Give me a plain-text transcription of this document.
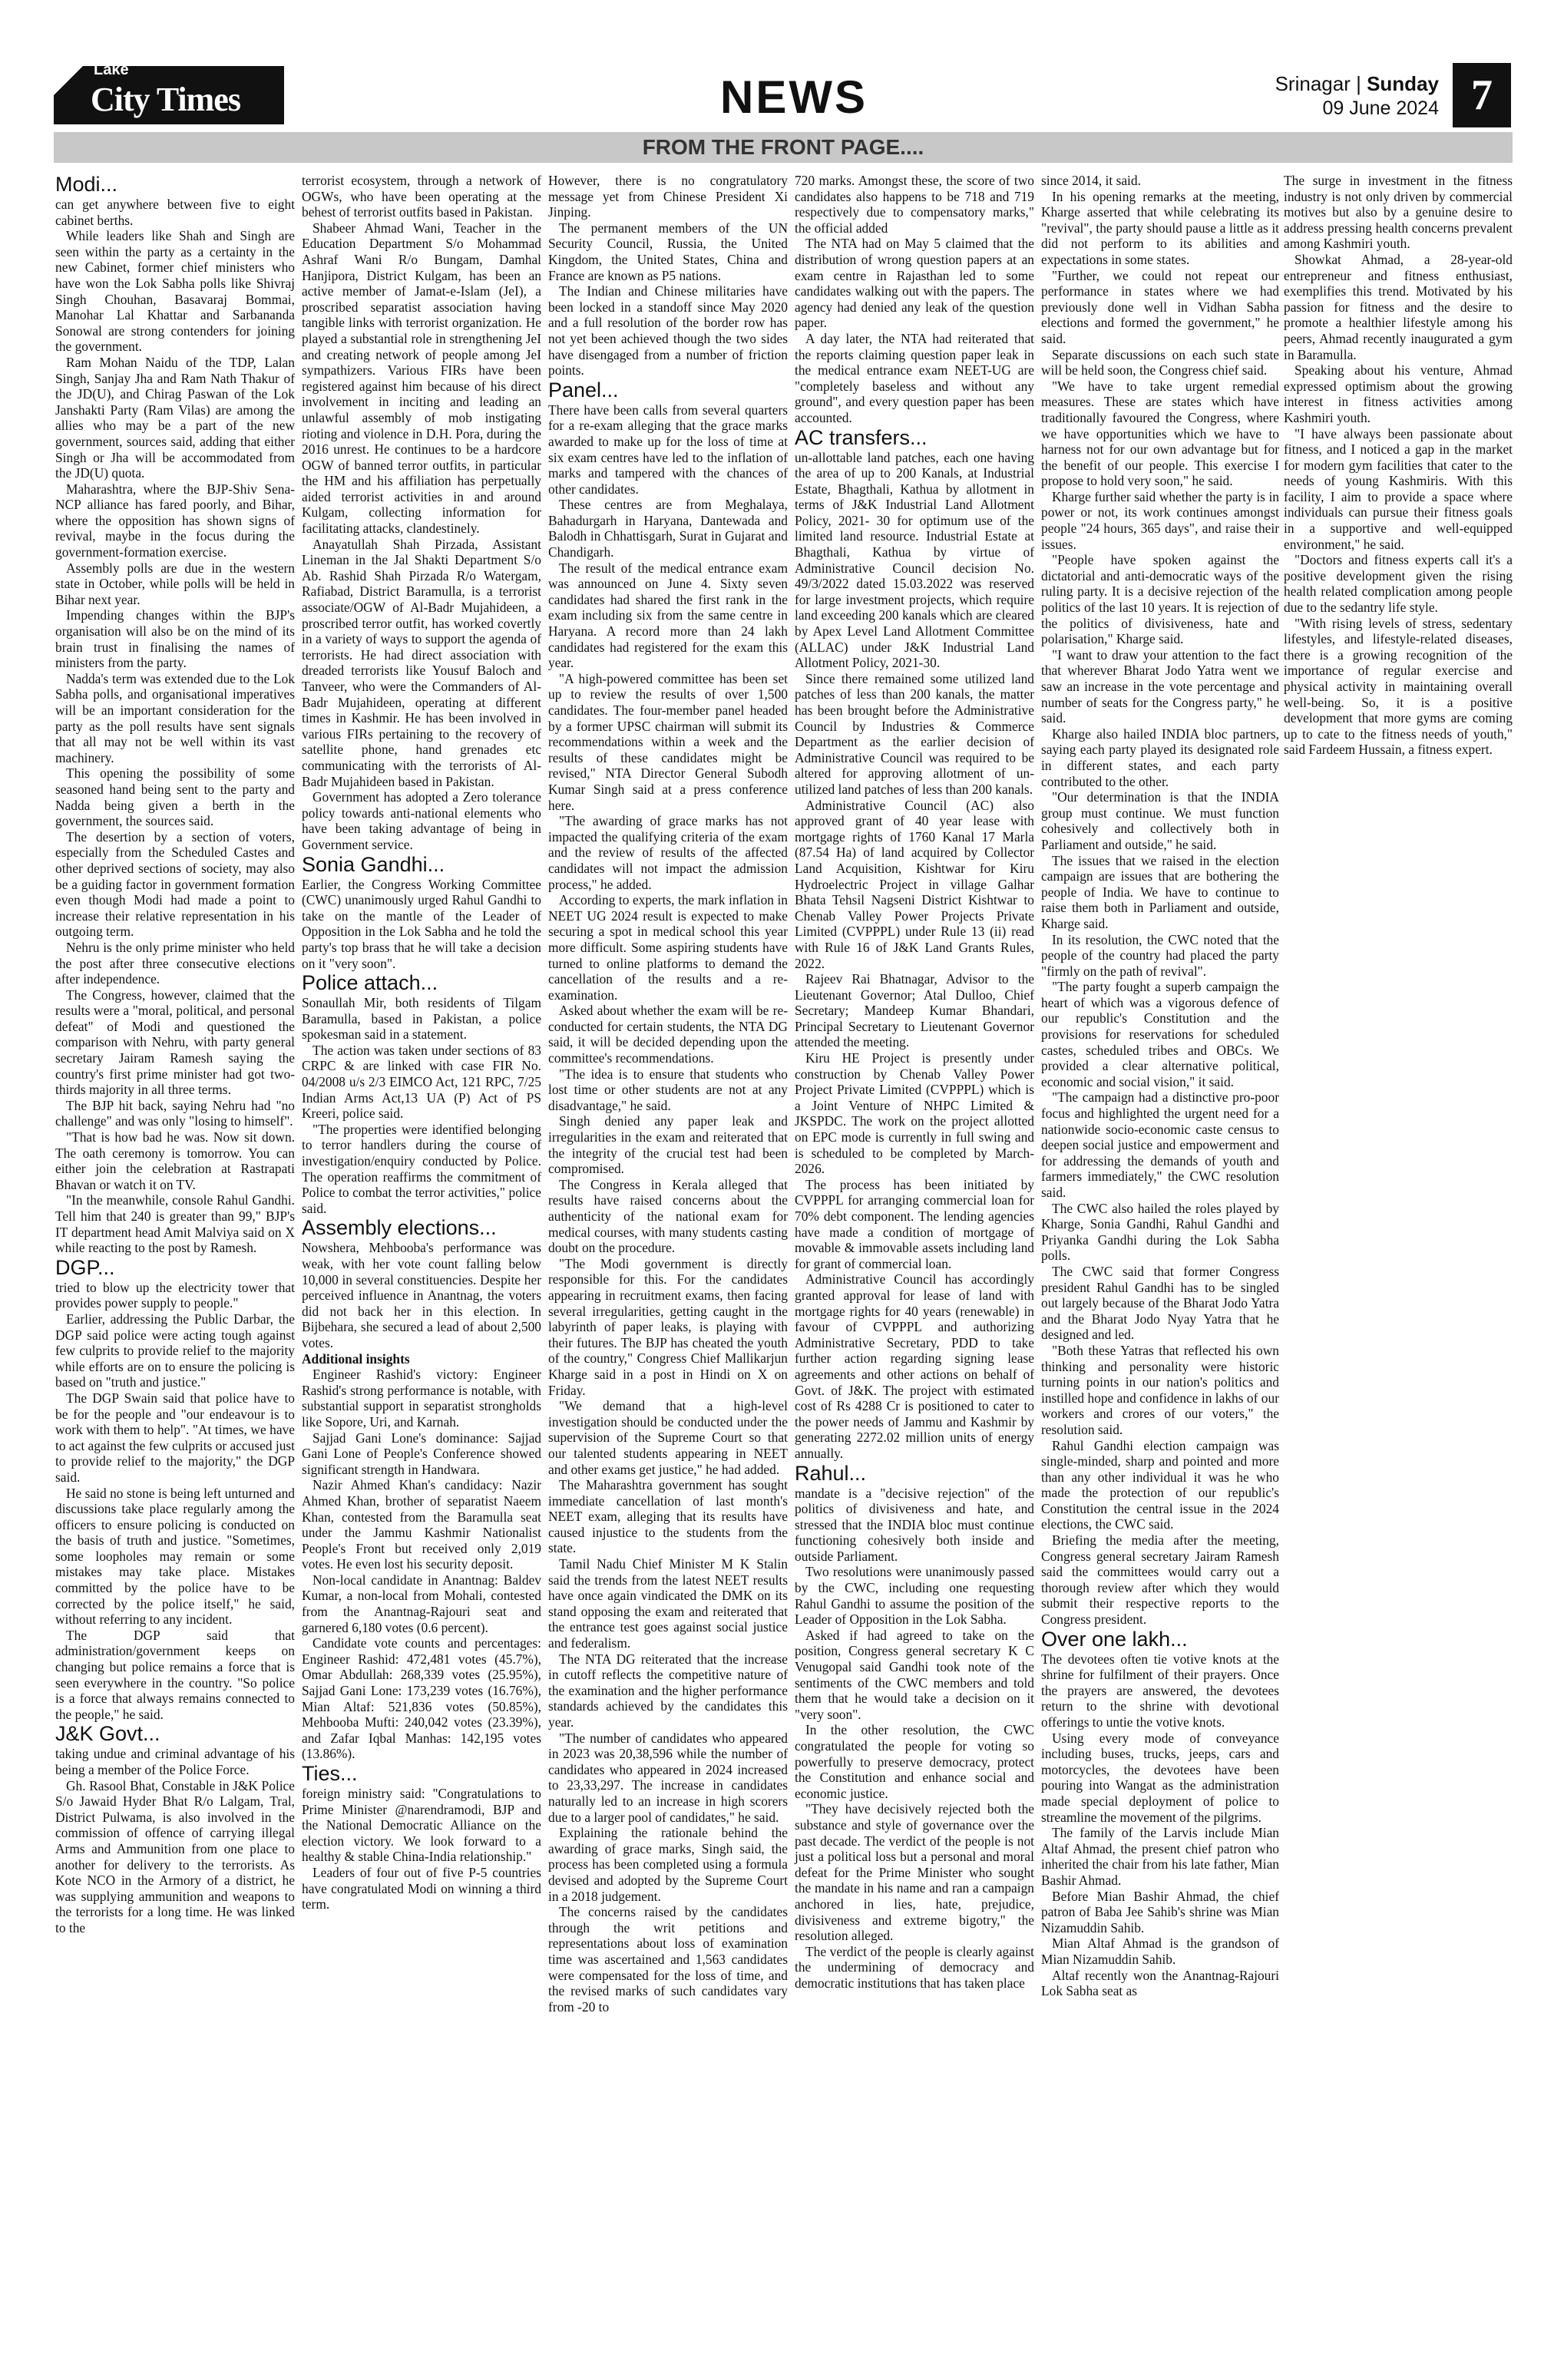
Lake
City Times	NEWS	Srinagar | Sunday
09 June 2024 7
FROM THE FRONT PAGE....

Modi...

can get anywhere between five to eight cabinet berths.

While leaders like Shah and Singh are seen within the party as a certainty in the new Cabinet, former chief ministers who have won the Lok Sabha polls like Shivraj Singh Chouhan, Basavaraj Bommai, Manohar Lal Khattar and Sarbananda Sonowal are strong contenders for joining the government.

Ram Mohan Naidu of the TDP, Lalan Singh, Sanjay Jha and Ram Nath Thakur of the JD(U), and Chirag Paswan of the Lok Janshakti Party (Ram Vilas) are among the allies who may be a part of the new government, sources said, adding that either Singh or Jha will be accommodated from the JD(U) quota.

Maharashtra, where the BJP-Shiv Sena-NCP alliance has fared poorly, and Bihar, where the opposition has shown signs of revival, maybe in the focus during the government-formation exercise.

Assembly polls are due in the western state in October, while polls will be held in Bihar next year.

Impending changes within the BJP's organisation will also be on the mind of its brain trust in finalising the names of ministers from the party.

Nadda's term was extended due to the Lok Sabha polls, and organisational imperatives will be an important consideration for the party as the poll results have sent signals that all may not be well within its vast machinery.

This opening the possibility of some seasoned hand being sent to the party and Nadda being given a berth in the government, the sources said.

The desertion by a section of voters, especially from the Scheduled Castes and other deprived sections of society, may also be a guiding factor in government formation even though Modi had made a point to increase their relative representation in his outgoing term.

Nehru is the only prime minister who held the post after three consecutive elections after independence.

The Congress, however, claimed that the results were a "moral, political, and personal defeat" of Modi and questioned the comparison with Nehru, with party general secretary Jairam Ramesh saying the country's first prime minister had got two-thirds majority in all three terms.

The BJP hit back, saying Nehru had "no challenge" and was only "losing to himself".

"That is how bad he was. Now sit down. The oath ceremony is tomorrow. You can either join the celebration at Rastrapati Bhavan or watch it on TV.

"In the meanwhile, console Rahul Gandhi. Tell him that 240 is greater than 99," BJP's IT department head Amit Malviya said on X while reacting to the post by Ramesh.

DGP...

tried to blow up the electricity tower that provides power supply to people."

Earlier, addressing the Public Darbar, the DGP said police were acting tough against few culprits to provide relief to the majority while efforts are on to ensure the policing is based on "truth and justice."

The DGP Swain said that police have to be for the people and "our endeavour is to work with them to help". "At times, we have to act against the few culprits or accused just to provide relief to the majority," the DGP said.

He said no stone is being left unturned and discussions take place regularly among the officers to ensure policing is conducted on the basis of truth and justice. "Sometimes, some loopholes may remain or some mistakes may take place. Mistakes committed by the police have to be corrected by the police itself," he said, without referring to any incident.

The DGP said that administration/government keeps on changing but police remains a force that is seen everywhere in the country. "So police is a force that always remains connected to the people," he said.

J&K Govt...

taking undue and criminal advantage of his being a member of the Police Force.

Gh. Rasool Bhat, Constable in J&K Police S/o Jawaid Hyder Bhat R/o Lalgam, Tral, District Pulwama, is also involved in the commission of offence of carrying illegal Arms and Ammunition from one place to another for delivery to the terrorists. As Kote NCO in the Armory of a district, he was supplying ammunition and weapons to the terrorists for a long time. He was linked to the

terrorist ecosystem, through a network of OGWs, who have been operating at the behest of terrorist outfits based in Pakistan.

Shabeer Ahmad Wani, Teacher in the Education Department S/o Mohammad Ashraf Wani R/o Bungam, Damhal Hanjipora, District Kulgam, has been an active member of Jamat-e-Islam (JeI), a proscribed separatist association having tangible links with terrorist organization. He played a substantial role in strengthening JeI and creating network of people among JeI sympathizers. Various FIRs have been registered against him because of his direct involvement in inciting and leading an unlawful assembly of mob instigating rioting and violence in D.H. Pora, during the 2016 unrest. He continues to be a hardcore OGW of banned terror outfits, in particular the HM and his affiliation has perpetually aided terrorist activities in and around Kulgam, collecting information for facilitating attacks, clandestinely.

Anayatullah Shah Pirzada, Assistant Lineman in the Jal Shakti Department S/o Ab. Rashid Shah Pirzada R/o Watergam, Rafiabad, District Baramulla, is a terrorist associate/OGW of Al-Badr Mujahideen, a proscribed terror outfit, has worked covertly in a variety of ways to support the agenda of terrorists. He had direct association with dreaded terrorists like Yousuf Baloch and Tanveer, who were the Commanders of Al-Badr Mujahideen, operating at different times in Kashmir. He has been involved in various FIRs pertaining to the recovery of satellite phone, hand grenades etc communicating with the terrorists of Al-Badr Mujahideen based in Pakistan.

Government has adopted a Zero tolerance policy towards anti-national elements who have been taking advantage of being in Government service.

Sonia Gandhi...

Earlier, the Congress Working Committee (CWC) unanimously urged Rahul Gandhi to take on the mantle of the Leader of Opposition in the Lok Sabha and he told the party's top brass that he will take a decision on it "very soon".

Police attach...

Sonaullah Mir, both residents of Tilgam Baramulla, based in Pakistan, a police spokesman said in a statement.

The action was taken under sections of 83 CRPC & are linked with case FIR No. 04/2008 u/s 2/3 EIMCO Act, 121 RPC, 7/25 Indian Arms Act,13 UA (P) Act of PS Kreeri, police said.

"The properties were identified belonging to terror handlers during the course of investigation/enquiry conducted by Police. The operation reaffirms the commitment of Police to combat the terror activities," police said.

Assembly elections...

Nowshera, Mehbooba's performance was weak, with her vote count falling below 10,000 in several constituencies. Despite her perceived influence in Anantnag, the voters did not back her in this election. In Bijbehara, she secured a lead of about 2,500 votes.

Additional insights

Engineer Rashid's victory: Engineer Rashid's strong performance is notable, with substantial support in separatist strongholds like Sopore, Uri, and Karnah.

Sajjad Gani Lone's dominance: Sajjad Gani Lone of People's Conference showed significant strength in Handwara.

Nazir Ahmed Khan's candidacy: Nazir Ahmed Khan, brother of separatist Naeem Khan, contested from the Baramulla seat under the Jammu Kashmir Nationalist People's Front but received only 2,019 votes. He even lost his security deposit.

Non-local candidate in Anantnag: Baldev Kumar, a non-local from Mohali, contested from the Anantnag-Rajouri seat and garnered 6,180 votes (0.6 percent).

Candidate vote counts and percentages: Engineer Rashid: 472,481 votes (45.7%), Omar Abdullah: 268,339 votes (25.95%), Sajjad Gani Lone: 173,239 votes (16.76%), Mian Altaf: 521,836 votes (50.85%), Mehbooba Mufti: 240,042 votes (23.39%), and Zafar Iqbal Manhas: 142,195 votes (13.86%).

Ties...

foreign ministry said: "Congratulations to Prime Minister @narendramodi, BJP and the National Democratic Alliance on the election victory. We look forward to a healthy & stable China-India relationship."

Leaders of four out of five P-5 countries have congratulated Modi on winning a third term.

However, there is no congratulatory message yet from Chinese President Xi Jinping.

The permanent members of the UN Security Council, Russia, the United Kingdom, the United States, China and France are known as P5 nations.

The Indian and Chinese militaries have been locked in a standoff since May 2020 and a full resolution of the border row has not yet been achieved though the two sides have disengaged from a number of friction points.

Panel...

There have been calls from several quarters for a re-exam alleging that the grace marks awarded to make up for the loss of time at six exam centres have led to the inflation of marks and tampered with the chances of other candidates.

These centres are from Meghalaya, Bahadurgarh in Haryana, Dantewada and Balodh in Chhattisgarh, Surat in Gujarat and Chandigarh.

The result of the medical entrance exam was announced on June 4. Sixty seven candidates had shared the first rank in the exam including six from the same centre in Haryana. A record more than 24 lakh candidates had registered for the exam this year.

"A high-powered committee has been set up to review the results of over 1,500 candidates. The four-member panel headed by a former UPSC chairman will submit its recommendations within a week and the results of these candidates might be revised," NTA Director General Subodh Kumar Singh said at a press conference here.

"The awarding of grace marks has not impacted the qualifying criteria of the exam and the review of results of the affected candidates will not impact the admission process," he added.

According to experts, the mark inflation in NEET UG 2024 result is expected to make securing a spot in medical school this year more difficult. Some aspiring students have turned to online platforms to demand the cancellation of the results and a re-examination.

Asked about whether the exam will be re-conducted for certain students, the NTA DG said, it will be decided depending upon the committee's recommendations.

"The idea is to ensure that students who lost time or other students are not at any disadvantage," he said.

Singh denied any paper leak and irregularities in the exam and reiterated that the integrity of the crucial test had been compromised.

The Congress in Kerala alleged that results have raised concerns about the authenticity of the national exam for medical courses, with many students casting doubt on the procedure.

"The Modi government is directly responsible for this. For the candidates appearing in recruitment exams, then facing several irregularities, getting caught in the labyrinth of paper leaks, is playing with their futures. The BJP has cheated the youth of the country," Congress Chief Mallikarjun Kharge said in a post in Hindi on X on Friday.

"We demand that a high-level investigation should be conducted under the supervision of the Supreme Court so that our talented students appearing in NEET and other exams get justice," he had added.

The Maharashtra government has sought immediate cancellation of last month's NEET exam, alleging that its results have caused injustice to the students from the state.

Tamil Nadu Chief Minister M K Stalin said the trends from the latest NEET results have once again vindicated the DMK on its stand opposing the exam and reiterated that the entrance test goes against social justice and federalism.

The NTA DG reiterated that the increase in cutoff reflects the competitive nature of the examination and the higher performance standards achieved by the candidates this year.

"The number of candidates who appeared in 2023 was 20,38,596 while the number of candidates who appeared in 2024 increased to 23,33,297. The increase in candidates naturally led to an increase in high scorers due to a larger pool of candidates," he said.

Explaining the rationale behind the awarding of grace marks, Singh said, the process has been completed using a formula devised and adopted by the Supreme Court in a 2018 judgement.

The concerns raised by the candidates through the writ petitions and representations about loss of examination time was ascertained and 1,563 candidates were compensated for the loss of time, and the revised marks of such candidates vary from -20 to

720 marks. Amongst these, the score of two candidates also happens to be 718 and 719 respectively due to compensatory marks," the official added

The NTA had on May 5 claimed that the distribution of wrong question papers at an exam centre in Rajasthan led to some candidates walking out with the papers. The agency had denied any leak of the question paper.

A day later, the NTA had reiterated that the reports claiming question paper leak in the medical entrance exam NEET-UG are "completely baseless and without any ground", and every question paper has been accounted.

AC transfers...

un-allottable land patches, each one having the area of up to 200 Kanals, at Industrial Estate, Bhagthali, Kathua by allotment in terms of J&K Industrial Land Allotment Policy, 2021- 30 for optimum use of the limited land resource. Industrial Estate at Bhagthali, Kathua by virtue of Administrative Council decision No. 49/3/2022 dated 15.03.2022 was reserved for large investment projects, which require land exceeding 200 kanals which are cleared by Apex Level Land Allotment Committee (ALLAC) under J&K Industrial Land Allotment Policy, 2021-30.

Since there remained some utilized land patches of less than 200 kanals, the matter has been brought before the Administrative Council by Industries & Commerce Department as the earlier decision of Administrative Council was required to be altered for approving allotment of un-utilized land patches of less than 200 kanals.

Administrative Council (AC) also approved grant of 40 year lease with mortgage rights of 1760 Kanal 17 Marla (87.54 Ha) of land acquired by Collector Land Acquisition, Kishtwar for Kiru Hydroelectric Project in village Galhar Bhata Tehsil Nagseni District Kishtwar to Chenab Valley Power Projects Private Limited (CVPPPL) under Rule 13 (ii) read with Rule 16 of J&K Land Grants Rules, 2022.

Rajeev Rai Bhatnagar, Advisor to the Lieutenant Governor; Atal Dulloo, Chief Secretary; Mandeep Kumar Bhandari, Principal Secretary to Lieutenant Governor attended the meeting.

Kiru HE Project is presently under construction by Chenab Valley Power Project Private Limited (CVPPPL) which is a Joint Venture of NHPC Limited & JKSPDC. The work on the project allotted on EPC mode is currently in full swing and is scheduled to be completed by March-2026.

The process has been initiated by CVPPPL for arranging commercial loan for 70% debt component. The lending agencies have made a condition of mortgage of movable & immovable assets including land for grant of commercial loan.

Administrative Council has accordingly granted approval for lease of land with mortgage rights for 40 years (renewable) in favour of CVPPPL and authorizing Administrative Secretary, PDD to take further action regarding signing lease agreements and other actions on behalf of Govt. of J&K. The project with estimated cost of Rs 4288 Cr is positioned to cater to the power needs of Jammu and Kashmir by generating 2272.02 million units of energy annually.

Rahul...

mandate is a "decisive rejection" of the politics of divisiveness and hate, and stressed that the INDIA bloc must continue functioning cohesively both inside and outside Parliament.

Two resolutions were unanimously passed by the CWC, including one requesting Rahul Gandhi to assume the position of the Leader of Opposition in the Lok Sabha.

Asked if had agreed to take on the position, Congress general secretary K C Venugopal said Gandhi took note of the sentiments of the CWC members and told them that he would take a decision on it "very soon".

In the other resolution, the CWC congratulated the people for voting so powerfully to preserve democracy, protect the Constitution and enhance social and economic justice.

"They have decisively rejected both the substance and style of governance over the past decade. The verdict of the people is not just a political loss but a personal and moral defeat for the Prime Minister who sought the mandate in his name and ran a campaign anchored in lies, hate, prejudice, divisiveness and extreme bigotry," the resolution alleged.

The verdict of the people is clearly against the undermining of democracy and democratic institutions that has taken place

since 2014, it said.

In his opening remarks at the meeting, Kharge asserted that while celebrating its "revival", the party should pause a little as it did not perform to its abilities and expectations in some states.

"Further, we could not repeat our performance in states where we had previously done well in Vidhan Sabha elections and formed the government," he said.

Separate discussions on each such state will be held soon, the Congress chief said.

"We have to take urgent remedial measures. These are states which have traditionally favoured the Congress, where we have opportunities which we have to harness not for our own advantage but for the benefit of our people. This exercise I propose to hold very soon," he said.

Kharge further said whether the party is in power or not, its work continues amongst people "24 hours, 365 days", and raise their issues.

"People have spoken against the dictatorial and anti-democratic ways of the ruling party. It is a decisive rejection of the politics of the last 10 years. It is rejection of the politics of divisiveness, hate and polarisation," Kharge said.

"I want to draw your attention to the fact that wherever Bharat Jodo Yatra went we saw an increase in the vote percentage and number of seats for the Congress party," he said.

Kharge also hailed INDIA bloc partners, saying each party played its designated role in different states, and each party contributed to the other.

"Our determination is that the INDIA group must continue. We must function cohesively and collectively both in Parliament and outside," he said.

The issues that we raised in the election campaign are issues that are bothering the people of India. We have to continue to raise them both in Parliament and outside, Kharge said.

In its resolution, the CWC noted that the people of the country had placed the party "firmly on the path of revival".

"The party fought a superb campaign the heart of which was a vigorous defence of our republic's Constitution and the provisions for reservations for scheduled castes, scheduled tribes and OBCs. We provided a clear alternative political, economic and social vision," it said.

"The campaign had a distinctive pro-poor focus and highlighted the urgent need for a nationwide socio-economic caste census to deepen social justice and empowerment and for addressing the demands of youth and farmers immediately," the CWC resolution said.

The CWC also hailed the roles played by Kharge, Sonia Gandhi, Rahul Gandhi and Priyanka Gandhi during the Lok Sabha polls.

The CWC said that former Congress president Rahul Gandhi has to be singled out largely because of the Bharat Jodo Yatra and the Bharat Jodo Nyay Yatra that he designed and led.

"Both these Yatras that reflected his own thinking and personality were historic turning points in our nation's politics and instilled hope and confidence in lakhs of our workers and crores of our voters," the resolution said.

Rahul Gandhi election campaign was single-minded, sharp and pointed and more than any other individual it was he who made the protection of our republic's Constitution the central issue in the 2024 elections, the CWC said.

Briefing the media after the meeting, Congress general secretary Jairam Ramesh said the committees would carry out a thorough review after which they would submit their respective reports to the Congress president.

Over one lakh...

The devotees often tie votive knots at the shrine for fulfilment of their prayers. Once the prayers are answered, the devotees return to the shrine with devotional offerings to untie the votive knots.

Using every mode of conveyance including buses, trucks, jeeps, cars and motorcycles, the devotees have been pouring into Wangat as the administration made special deployment of police to streamline the movement of the pilgrims.

The family of the Larvis include Mian Altaf Ahmad, the present chief patron who inherited the chair from his late father, Mian Bashir Ahmad.

Before Mian Bashir Ahmad, the chief patron of Baba Jee Sahib's shrine was Mian Nizamuddin Sahib.

Mian Altaf Ahmad is the grandson of Mian Nizamuddin Sahib.

Altaf recently won the Anantnag-Rajouri Lok Sabha seat as

The surge in investment in the fitness industry is not only driven by commercial motives but also by a genuine desire to address pressing health concerns prevalent among Kashmiri youth.

Showkat Ahmad, a 28-year-old entrepreneur and fitness enthusiast, exemplifies this trend. Motivated by his passion for fitness and the desire to promote a healthier lifestyle among his peers, Ahmad recently inaugurated a gym in Baramulla.

Speaking about his venture, Ahmad expressed optimism about the growing interest in fitness activities among Kashmiri youth.

"I have always been passionate about fitness, and I noticed a gap in the market for modern gym facilities that cater to the needs of young Kashmiris. With this facility, I aim to provide a space where individuals can pursue their fitness goals in a supportive and well-equipped environment," he said.

"Doctors and fitness experts call it's a positive development given the rising health related complication among people due to the sedantry life style.

"With rising levels of stress, sedentary lifestyles, and lifestyle-related diseases, there is a growing recognition of the importance of regular exercise and physical activity in maintaining overall well-being. So, it is a positive development that more gyms are coming up to cate to the fitness needs of youth," said Fardeem Hussain, a fitness expert.
